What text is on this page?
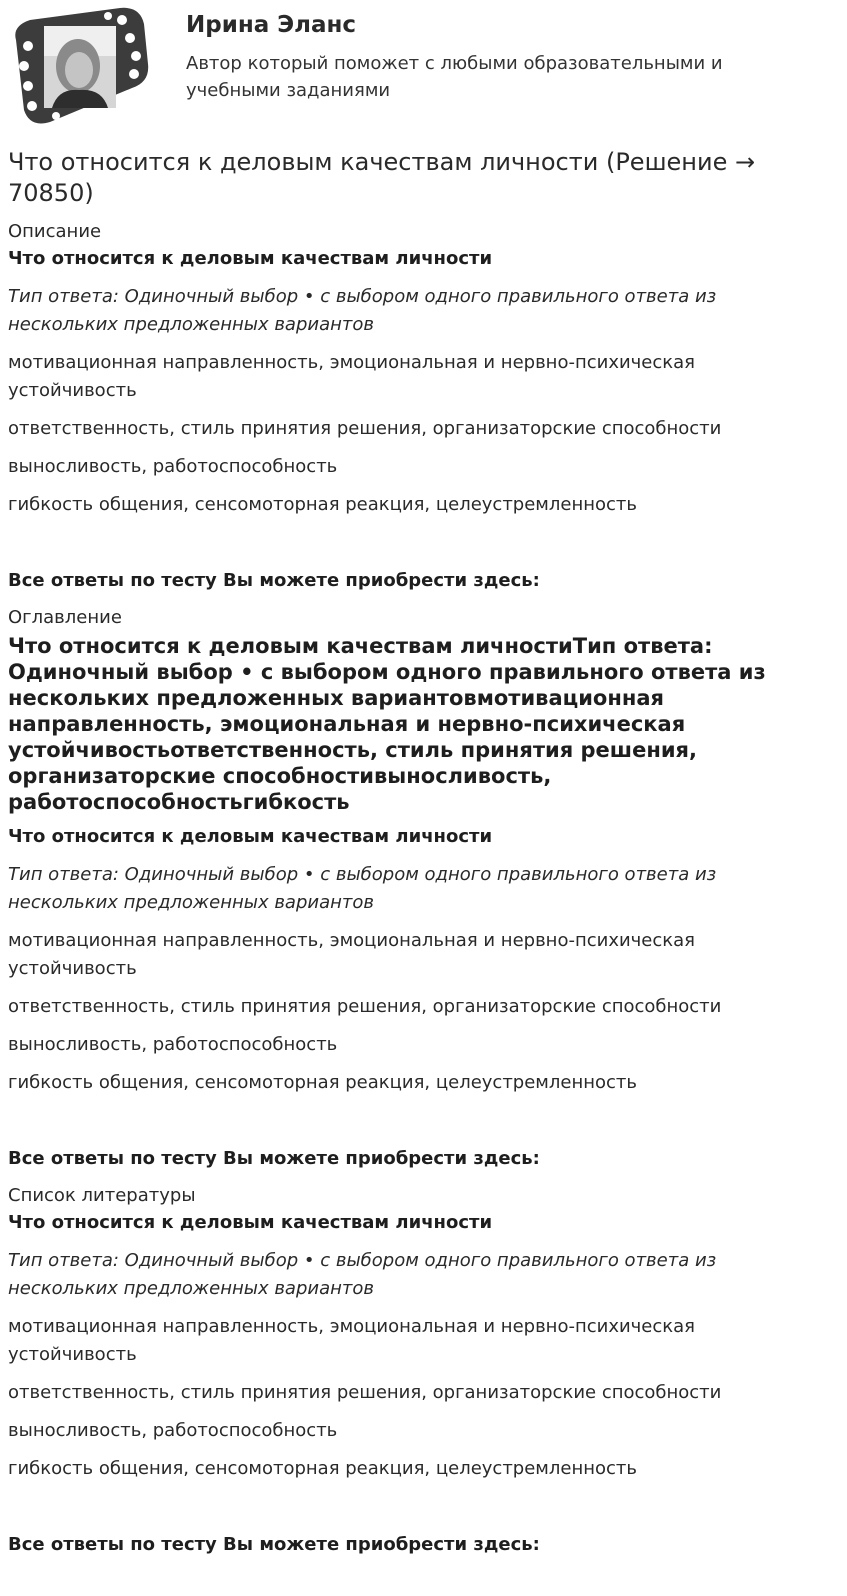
Ирина Эланс

Автор который поможет с любыми образовательными и учебными заданиями

Что относится к деловым качествам личности (Решение → 70850)

Описание

Что относится к деловым качествам личности

Тип ответа: Одиночный выбор • с выбором одного правильного ответа из нескольких предложенных вариантов

мотивационная направленность, эмоциональная и нервно-психическая устойчивость

ответственность, стиль принятия решения, организаторские способности

выносливость, работоспособность

гибкость общения, сенсомоторная реакция, целеустремленность

Все ответы по тесту Вы можете приобрести здесь:

Оглавление

Что относится к деловым качествам личностиТип ответа: Одиночный выбор • с выбором одного правильного ответа из нескольких предложенных вариантовмотивационная направленность, эмоциональная и нервно-психическая устойчивостьответственность, стиль принятия решения, организаторские способностивыносливость, работоспособностьгибкость

Что относится к деловым качествам личности

Тип ответа: Одиночный выбор • с выбором одного правильного ответа из нескольких предложенных вариантов

мотивационная направленность, эмоциональная и нервно-психическая устойчивость

ответственность, стиль принятия решения, организаторские способности

выносливость, работоспособность

гибкость общения, сенсомоторная реакция, целеустремленность

Все ответы по тесту Вы можете приобрести здесь:

Список литературы

Что относится к деловым качествам личности

Тип ответа: Одиночный выбор • с выбором одного правильного ответа из нескольких предложенных вариантов

мотивационная направленность, эмоциональная и нервно-психическая устойчивость

ответственность, стиль принятия решения, организаторские способности

выносливость, работоспособность

гибкость общения, сенсомоторная реакция, целеустремленность

Все ответы по тесту Вы можете приобрести здесь:
